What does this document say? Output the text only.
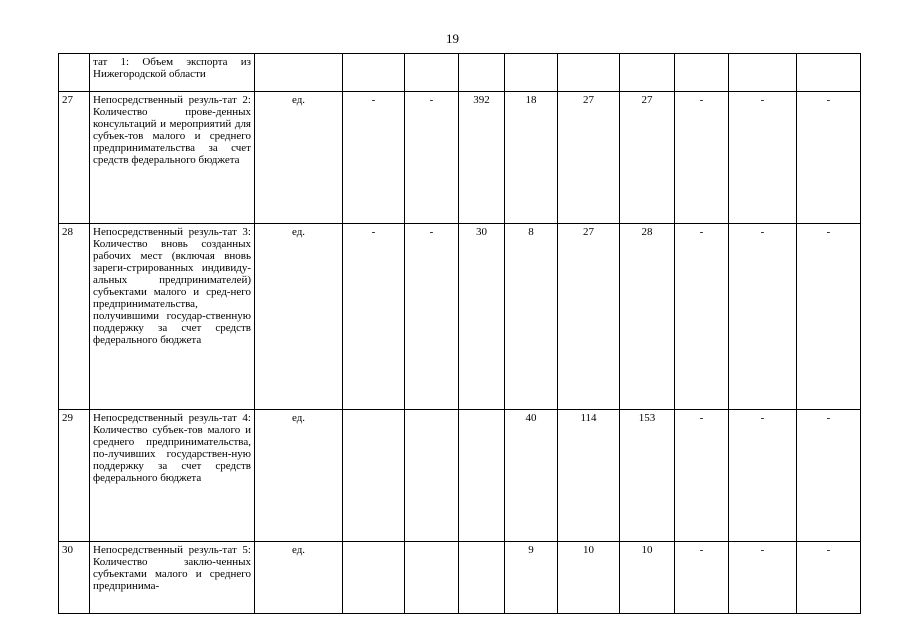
19
	тат 1: Объем экспорта из Нижегородской области										
27	Непосредственный резуль-тат 2: Количество прове-денных консультаций и мероприятий для субъек-тов малого и среднего предпринимательства за счет средств федерального бюджета	ед.	-	-	392	18	27	27	-	-	-
28	Непосредственный резуль-тат 3: Количество вновь созданных рабочих мест (включая вновь зареги-стрированных индивиду-альных предпринимателей) субъектами малого и сред-него предпринимательства, получившими государ-ственную поддержку за счет средств федерального бюджета	ед.	-	-	30	8	27	28	-	-	-
29	Непосредственный резуль-тат 4: Количество субъек-тов малого и среднего предпринимательства, по-лучивших государствен-ную поддержку за счет средств федерального бюджета	ед.				40	114	153	-	-	-
30	Непосредственный резуль-тат 5: Количество заклю-ченных субъектами малого и среднего предпринима-	ед.				9	10	10	-	-	-
